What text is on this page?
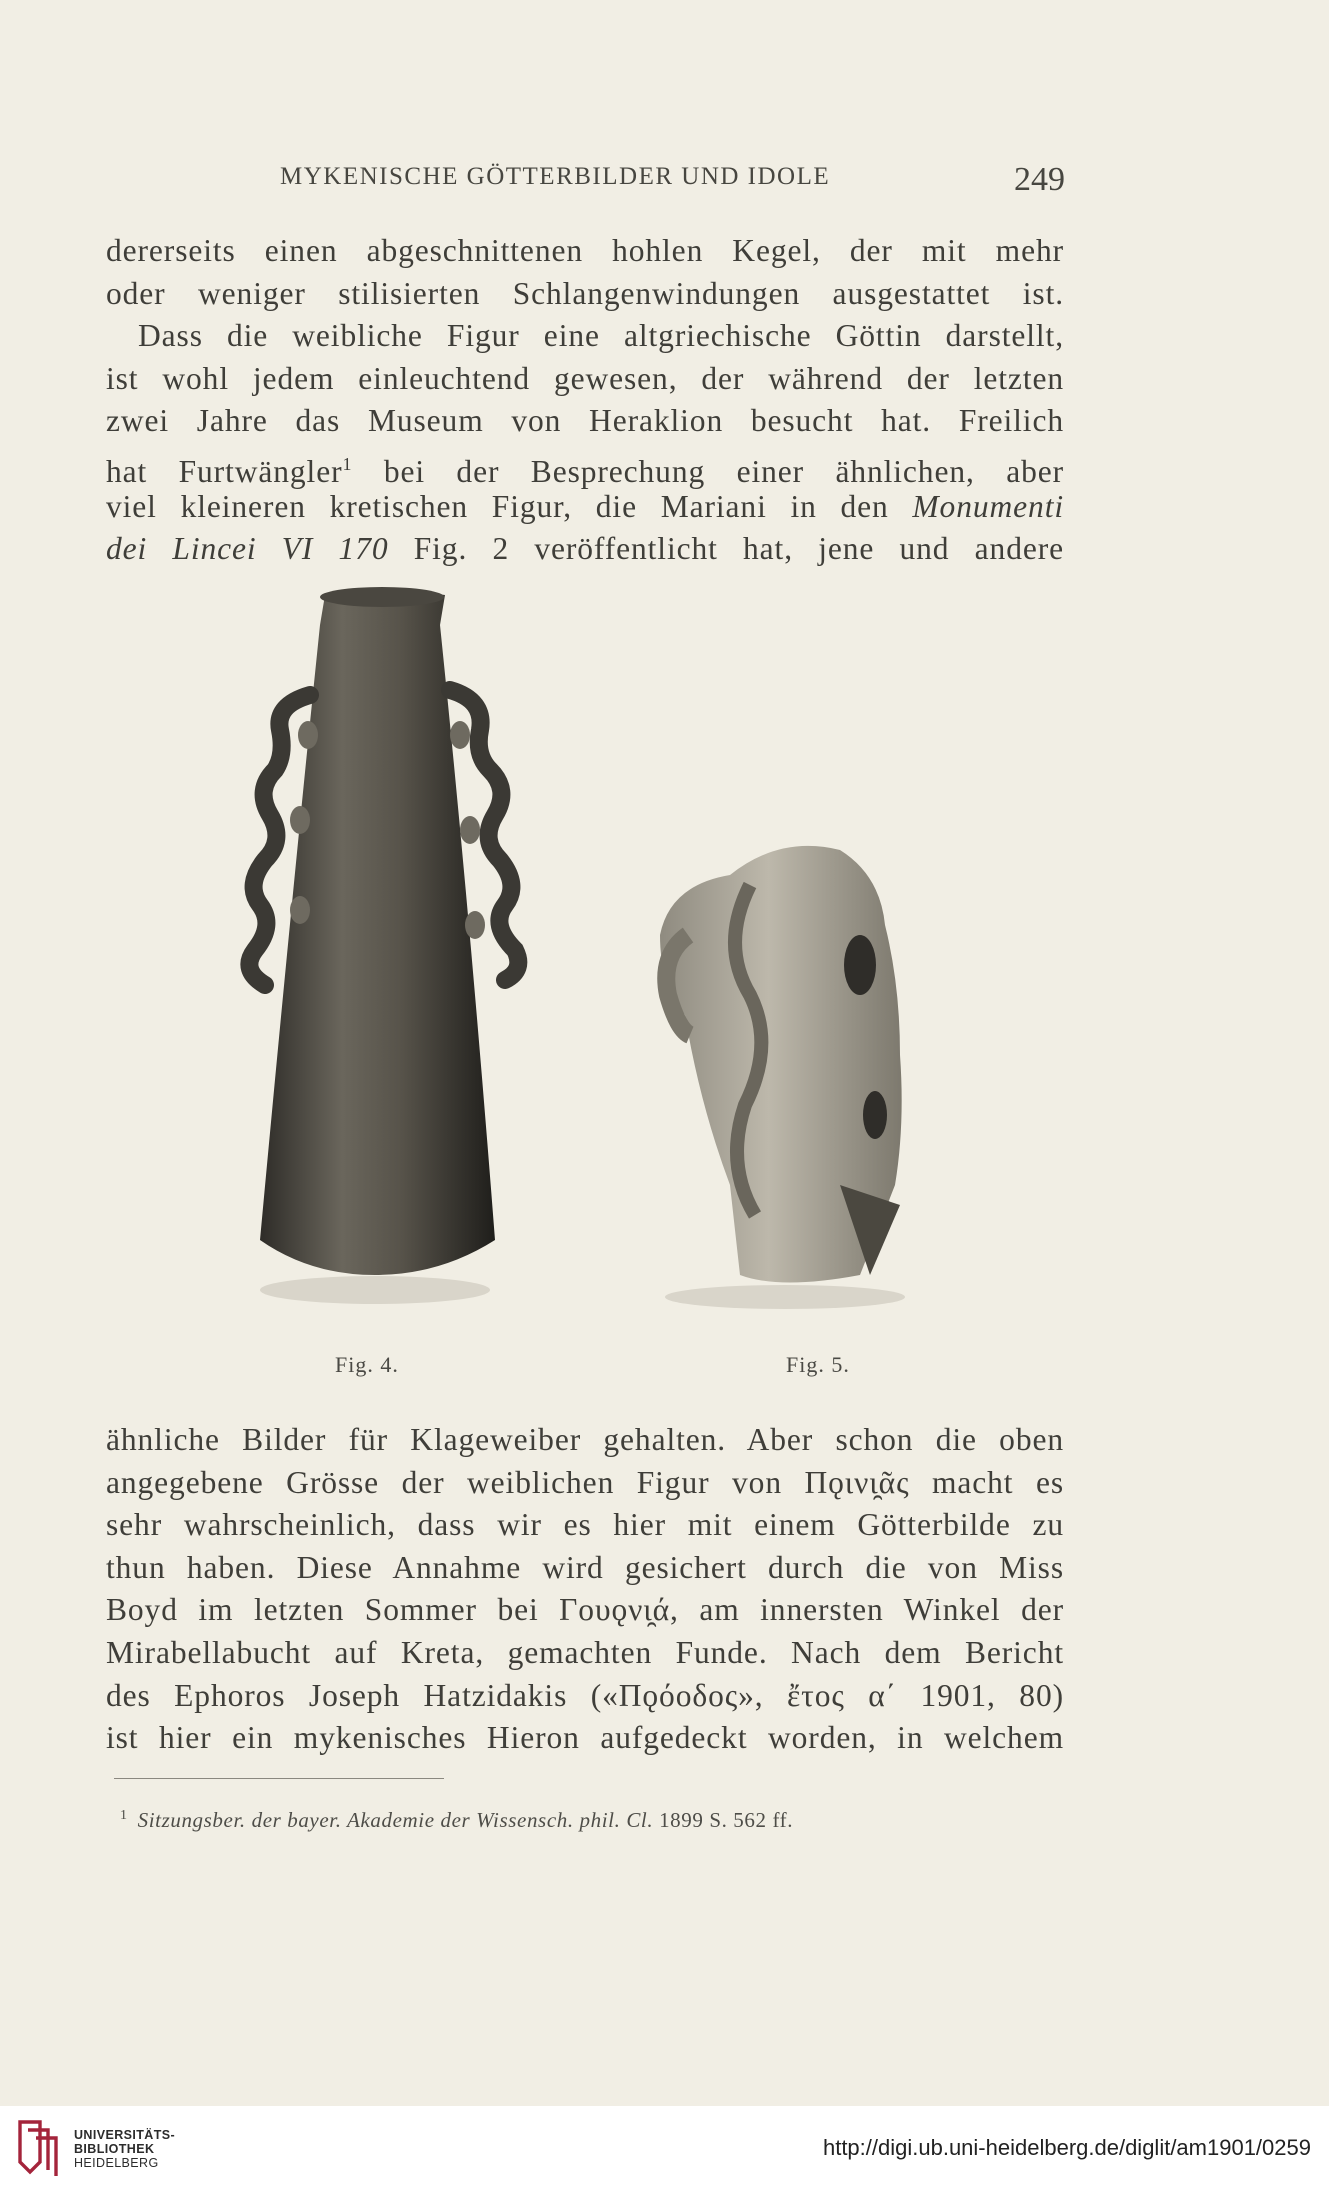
MYKENISCHE GÖTTERBILDER UND IDOLE	249
dererseits einen abgeschnittenen hohlen Kegel, der mit mehr
oder weniger stilisierten Schlangenwindungen ausgestattet ist.
Dass die weibliche Figur eine altgriechische Göttin darstellt,
ist wohl jedem einleuchtend gewesen, der während der letzten
zwei Jahre das Museum von Heraklion besucht hat. Freilich
hat Furtwängler$^1$ bei der Besprechung einer ähnlichen, aber
viel kleineren kretischen Figur, die Mariani in den Monumenti
dei Lincei VI 170 Fig. 2 veröffentlicht hat, jene und andere
Fig. 4.	Fig. 5.
ähnliche Bilder für Klageweiber gehalten. Aber schon die oben
angegebene Grösse der weiblichen Figur von Πǫινι̯ᾶς macht es
sehr wahrscheinlich, dass wir es hier mit einem Götterbilde zu
thun haben. Diese Annahme wird gesichert durch die von Miss
Boyd im letzten Sommer bei Γουǫνι̯ά, am innersten Winkel der
Mirabellabucht auf Kreta, gemachten Funde. Nach dem Bericht
des Ephoros Joseph Hatzidakis («Πǫόοδος», ἔτος α΄ 1901, 80)
ist hier ein mykenisches Hieron aufgedeckt worden, in welchem
$^1$ Sitzungsber. der bayer. Akademie der Wissensch. phil. Cl. 1899 S. 562 ff.
UNIVERSITÄTS-
BIBLIOTHEK
HEIDELBERG
http://digi.ub.uni-heidelberg.de/diglit/am1901/0259
